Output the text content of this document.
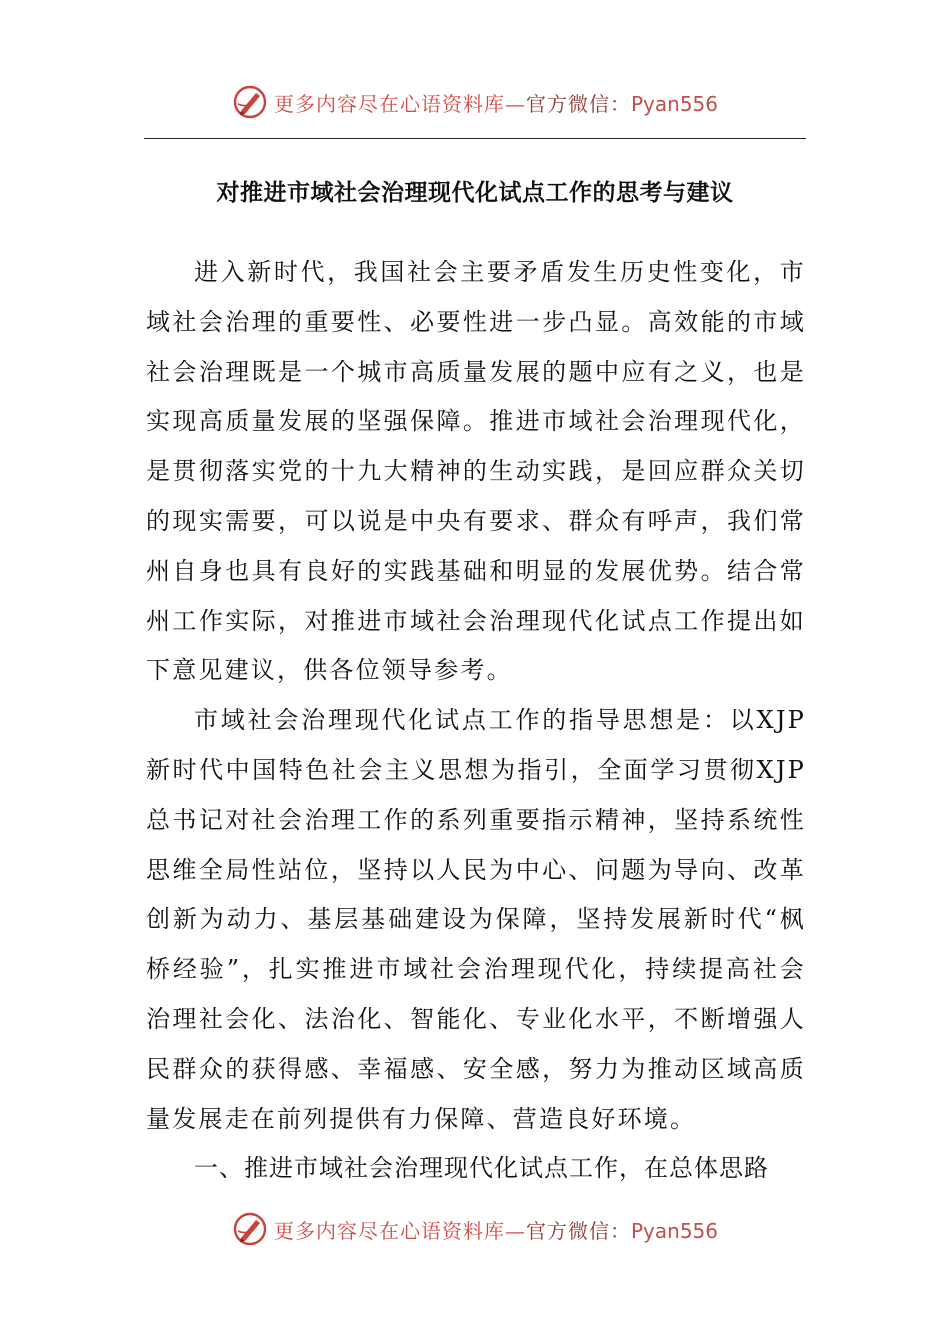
更多内容尽在心语资料库—官方微信：Pyan556
对推进市域社会治理现代化试点工作的思考与建议

进入新时代，我国社会主要矛盾发生历史性变化，市域社会治理的重要性、必要性进一步凸显。高效能的市域社会治理既是一个城市高质量发展的题中应有之义，也是实现高质量发展的坚强保障。推进市域社会治理现代化，是贯彻落实党的十九大精神的生动实践，是回应群众关切的现实需要，可以说是中央有要求、群众有呼声，我们常州自身也具有良好的实践基础和明显的发展优势。结合常州工作实际，对推进市域社会治理现代化试点工作提出如下意见建议，供各位领导参考。

市域社会治理现代化试点工作的指导思想是：以XJP新时代中国特色社会主义思想为指引，全面学习贯彻XJP总书记对社会治理工作的系列重要指示精神，坚持系统性思维全局性站位，坚持以人民为中心、问题为导向、改革创新为动力、基层基础建设为保障，坚持发展新时代“枫桥经验”，扎实推进市域社会治理现代化，持续提高社会治理社会化、法治化、智能化、专业化水平，不断增强人民群众的获得感、幸福感、安全感，努力为推动区域高质量发展走在前列提供有力保障、营造良好环境。

一、推进市域社会治理现代化试点工作，在总体思路

更多内容尽在心语资料库—官方微信：Pyan556
